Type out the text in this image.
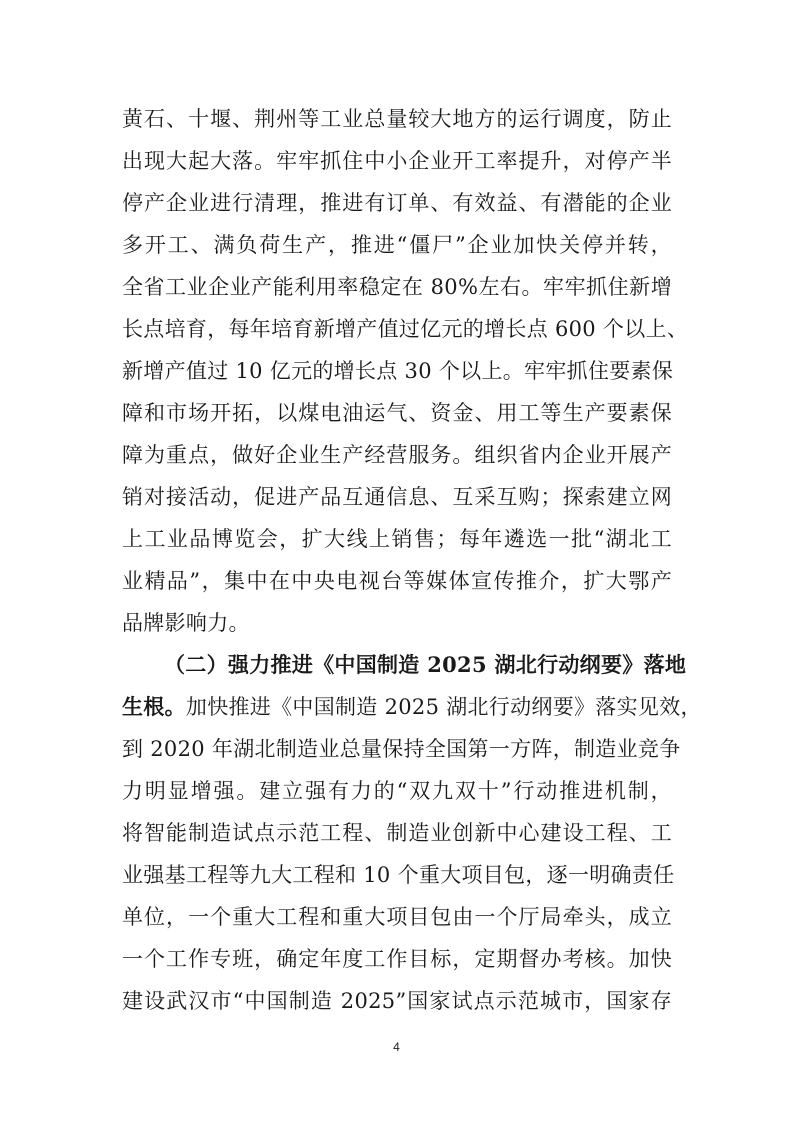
黄石、十堰、荆州等工业总量较大地方的运行调度，防止
出现大起大落。牢牢抓住中小企业开工率提升，对停产半
停产企业进行清理，推进有订单、有效益、有潜能的企业
多开工、满负荷生产，推进“僵尸”企业加快关停并转，
全省工业企业产能利用率稳定在 80%左右。牢牢抓住新增
长点培育，每年培育新增产值过亿元的增长点 600 个以上、
新增产值过 10 亿元的增长点 30 个以上。牢牢抓住要素保
障和市场开拓，以煤电油运气、资金、用工等生产要素保
障为重点，做好企业生产经营服务。组织省内企业开展产
销对接活动，促进产品互通信息、互采互购；探索建立网
上工业品博览会，扩大线上销售；每年遴选一批“湖北工
业精品”，集中在中央电视台等媒体宣传推介，扩大鄂产
品牌影响力。
（二）强力推进《中国制造 2025 湖北行动纲要》落地
生根。加快推进《中国制造 2025 湖北行动纲要》落实见效，
到 2020 年湖北制造业总量保持全国第一方阵，制造业竞争
力明显增强。建立强有力的“双九双十”行动推进机制，
将智能制造试点示范工程、制造业创新中心建设工程、工
业强基工程等九大工程和 10 个重大项目包，逐一明确责任
单位，一个重大工程和重大项目包由一个厅局牵头，成立
一个工作专班，确定年度工作目标，定期督办考核。加快
建设武汉市“中国制造 2025”国家试点示范城市，国家存
4
